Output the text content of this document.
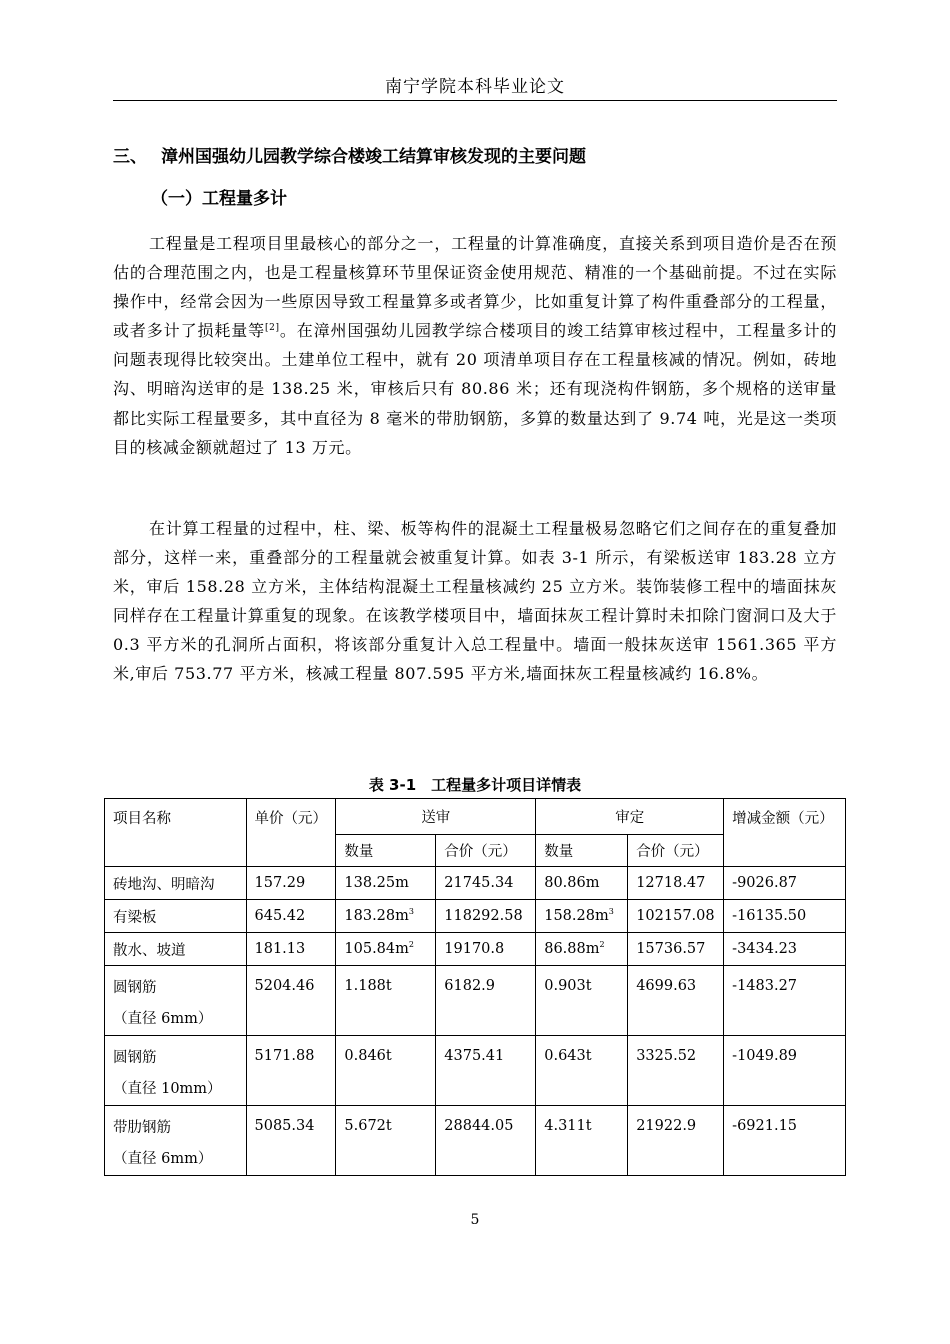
南宁学院本科毕业论文
三、 漳州国强幼儿园教学综合楼竣工结算审核发现的主要问题
（一）工程量多计

工程量是工程项目里最核心的部分之一，工程量的计算准确度，直接关系到项目造价是否在预估的合理范围之内，也是工程量核算环节里保证资金使用规范、精准的一个基础前提。不过在实际操作中，经常会因为一些原因导致工程量算多或者算少，比如重复计算了构件重叠部分的工程量，或者多计了损耗量等[2]。在漳州国强幼儿园教学综合楼项目的竣工结算审核过程中，工程量多计的问题表现得比较突出。土建单位工程中，就有 20 项清单项目存在工程量核减的情况。例如，砖地沟、明暗沟送审的是 138.25 米，审核后只有 80.86 米；还有现浇构件钢筋，多个规格的送审量都比实际工程量要多，其中直径为 8 毫米的带肋钢筋，多算的数量达到了 9.74 吨，光是这一类项目的核减金额就超过了 13 万元。

在计算工程量的过程中，柱、梁、板等构件的混凝土工程量极易忽略它们之间存在的重复叠加部分，这样一来，重叠部分的工程量就会被重复计算。如表 3-1 所示，有梁板送审 183.28 立方米，审后 158.28 立方米，主体结构混凝土工程量核减约 25 立方米。装饰装修工程中的墙面抹灰同样存在工程量计算重复的现象。在该教学楼项目中，墙面抹灰工程计算时未扣除门窗洞口及大于 0.3 平方米的孔洞所占面积，将该部分重复计入总工程量中。墙面一般抹灰送审 1561.365 平方米,审后 753.77 平方米，核减工程量 807.595 平方米,墙面抹灰工程量核减约 16.8%。

表 3-1　工程量多计项目详情表
项目名称	单价（元）	送审		审定		增减金额（元）
		数量	合价（元）	数量	合价（元）	
砖地沟、明暗沟	157.29	138.25m	21745.34	80.86m	12718.47	-9026.87
有梁板	645.42	$183.28m^3$	118292.58	$158.28m^3$	102157.08	-16135.50
散水、坡道	181.13	$105.84m^2$	19170.8	$86.88m^2$	15736.57	-3434.23
圆钢筋
（直径 6mm）	5204.46	1.188t	6182.9	0.903t	4699.63	-1483.27
圆钢筋
（直径 10mm）	5171.88	0.846t	4375.41	0.643t	3325.52	-1049.89
带肋钢筋
（直径 6mm）	5085.34	5.672t	28844.05	4.311t	21922.9	-6921.15
5
